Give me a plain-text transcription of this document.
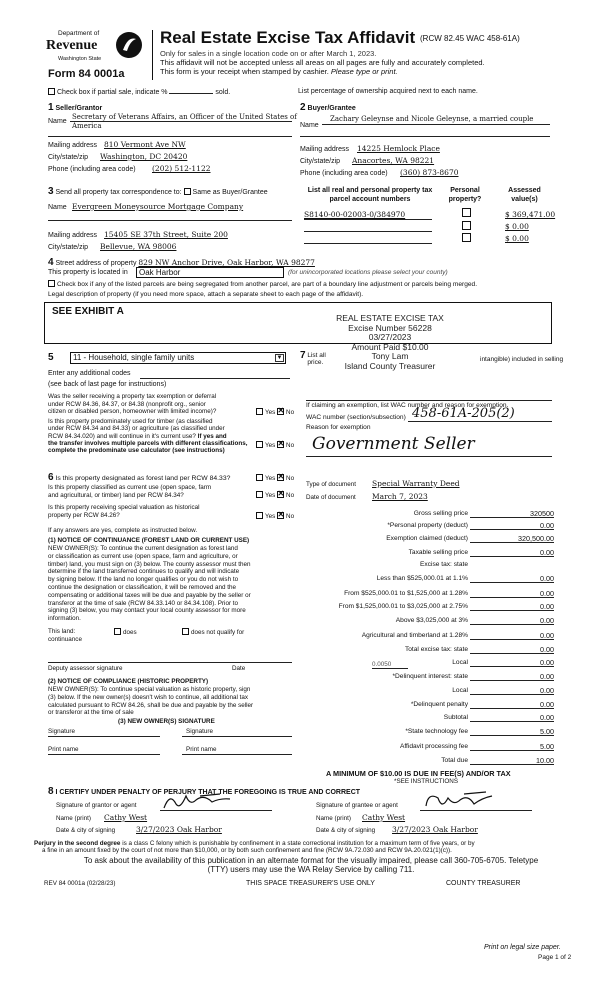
Department of
Revenue
Washington State
Form 84 0001a
Real Estate Excise Tax Affidavit (RCW 82.45 WAC 458-61A)
Only for sales in a single location code on or after March 1, 2023.
This affidavit will not be accepted unless all areas on all pages are fully and accurately completed.
This form is your receipt when stamped by cashier. Please type or print.
Check box if partial sale, indicate %	sold.	List percentage of ownership acquired next to each name.
1 Seller/Grantor
Name
Secretary of Veterans Affairs, an Officer of the United States of
America
Mailing address 810 Vermont Ave NW
City/state/zip Washington, DC 20420
Phone (including area code) (202) 512-1122
2 Buyer/Grantee
Name
Zachary Geleynse and Nicole Geleynse, a married couple
Mailing address 14225 Hemlock Place
City/state/zip Anacortes, WA 98221
Phone (including area code) (360) 873-8670
3 Send all property tax correspondence to: Same as Buyer/Grantee
Name Evergreen Moneysource Mortgage Company
Mailing address 15405 SE 37th Street, Suite 200
City/state/zip Bellevue, WA 98006
List all real and personal property tax
parcel account numbers
Personal
property?
Assessed
value(s)
S8140-00-02003-0/384970	$ 369,471.00
$ 0.00
$ 0.00
4 Street address of property 829 NW Anchor Drive, Oak Harbor, WA 98277
This property is located in	Oak Harbor	(for unincorporated locations please select your county)
Check box if any of the listed parcels are being segregated from another parcel, are part of a boundary line adjustment or parcels being merged.
Legal description of property (if you need more space, attach a separate sheet to each page of the affidavit).
SEE EXHIBIT A
REAL ESTATE EXCISE TAX
Excise Number 56228
03/27/2023
Amount Paid $10.00
Tony Lam
Island County Treasurer
5	11 - Household, single family units	▼
Enter any additional codes
(see back of last page for instructions)
Was the seller receiving a property tax exemption or deferral
under RCW 84.36, 84.37, or 84.38 (nonprofit org., senior
citizen or disabled person, homeowner with limited income)?	Yes ✕ No
Is this property predominately used for timber (as classified
under RCW 84.34 and 84.33) or agriculture (as classified under
RCW 84.34.020) and will continue in it's current use? If yes and
the transfer involves multiple parcels with different classifications,
complete the predominate use calculator (see instructions)
Yes ✕ No
7 List all
price.	intangible) included in selling
If claiming an exemption, list WAC number and reason for exemption.
WAC number (section/subsection) 458-61A-205(2)
Reason for exemption
Government Seller
6 Is this property designated as forest land per RCW 84.33?	Yes ✕ No
Is this property classified as current use (open space, farm
and agricultural, or timber) land per RCW 84.34?	Yes ✕ No
Is this property receiving special valuation as historical
property per RCW 84.26?	Yes ✕ No
If any answers are yes, complete as instructed below.
(1) NOTICE OF CONTINUANCE (FOREST LAND OR CURRENT USE)
NEW OWNER(S): To continue the current designation as forest land
or classification as current use (open space, farm and agriculture, or
timber) land, you must sign on (3) below. The county assessor must then
determine if the land transferred continues to qualify and will indicate
by signing below. If the land no longer qualifies or you do not wish to
continue the designation or classification, it will be removed and the
compensating or additional taxes will be due and payable by the seller or
transferor at the time of sale (RCW 84.33.140 or 84.34.108). Prior to
signing (3) below, you may contact your local county assessor for more
information.
This land:	does	does not qualify for
continuance
Deputy assessor signature	Date
(2) NOTICE OF COMPLIANCE (HISTORIC PROPERTY)
NEW OWNER(S): To continue special valuation as historic property, sign
(3) below. If the new owner(s) doesn't wish to continue, all additional tax
calculated pursuant to RCW 84.26, shall be due and payable by the seller
or transferor at the time of sale
(3) NEW OWNER(S) SIGNATURE
Signature	Signature
Print name	Print name
Type of document Special Warranty Deed
Date of document March 7, 2023
Gross selling price	320500
*Personal property (deduct)	0.00
Exemption claimed (deduct)	320,500.00
Taxable selling price	0.00
Excise tax: state
Less than $525,000.01 at 1.1%	0.00
From $525,000.01 to $1,525,000 at 1.28%	0.00
From $1,525,000.01 to $3,025,000 at 2.75%	0.00
Above $3,025,000 at 3%	0.00
Agricultural and timberland at 1.28%	0.00
Total excise tax: state	0.00
Local	0.00
*Delinquent interest: state	0.00
Local	0.00
*Delinquent penalty	0.00
Subtotal	0.00
*State technology fee	5.00
Affidavit processing fee	5.00
Total due	10.00
0.0050
A MINIMUM OF $10.00 IS DUE IN FEE(S) AND/OR TAX
*SEE INSTRUCTIONS
8 I CERTIFY UNDER PENALTY OF PERJURY THAT THE FOREGOING IS TRUE AND CORRECT
Signature of grantor or agent
Name (print) Cathy West
Date & city of signing	3/27/2023 Oak Harbor
Signature of grantee or agent
Name (print) Cathy West
Date & city of signing 3/27/2023 Oak Harbor
Perjury in the second degree is a class C felony which is punishable by confinement in a state correctional institution for a maximum term of five years, or by
a fine in an amount fixed by the court of not more than $10,000, or by both such confinement and fine (RCW 9A.72.030 and RCW 9A.20.021(1)(c)).
To ask about the availability of this publication in an alternate format for the visually impaired, please call 360-705-6705. Teletype
(TTY) users may use the WA Relay Service by calling 711.
REV 84 0001a (02/28/23)	THIS SPACE TREASURER'S USE ONLY	COUNTY TREASURER
Print on legal size paper.
Page 1 of 2
